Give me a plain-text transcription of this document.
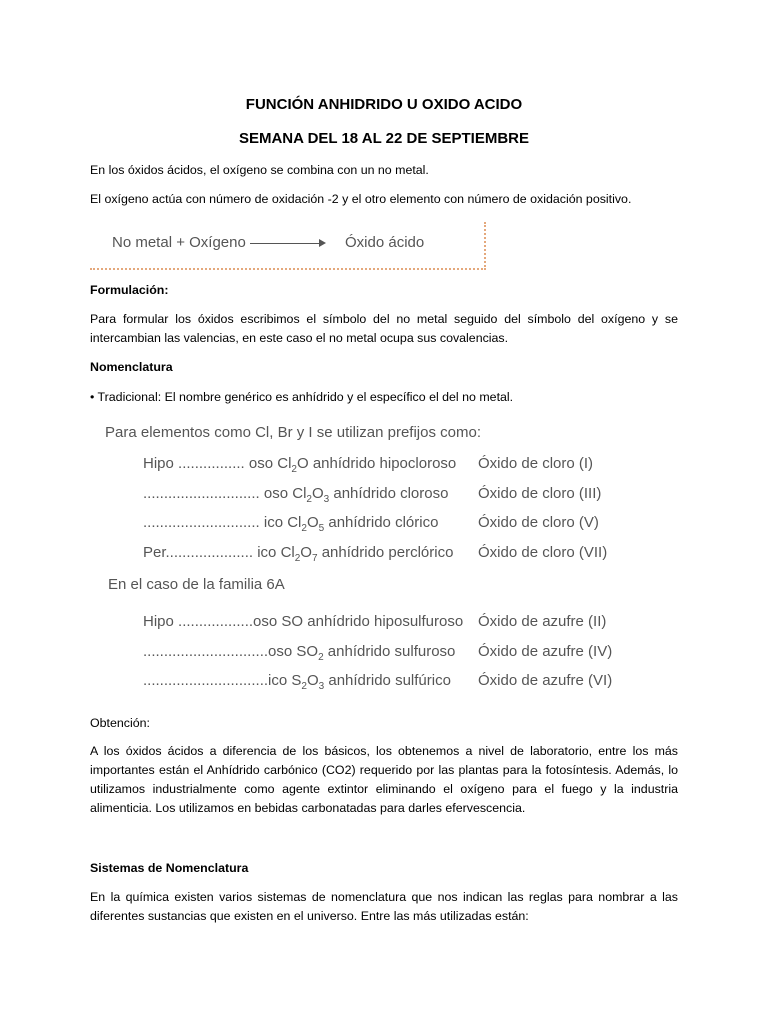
FUNCIÓN ANHIDRIDO U OXIDO ACIDO
SEMANA DEL 18 AL 22 DE SEPTIEMBRE
En los óxidos ácidos, el oxígeno se combina con un no metal.
El oxígeno actúa con número de oxidación -2 y el otro elemento con número de oxidación positivo.
No metal + Oxígeno	Óxido ácido
Formulación:
Para formular los óxidos escribimos el símbolo del no metal seguido del símbolo del oxígeno y se intercambian las valencias, en este caso el no metal ocupa sus covalencias.
Nomenclatura
• Tradicional: El nombre genérico es anhídrido y el específico el del no metal.
Para elementos como Cl, Br y I se utilizan prefijos como:
Hipo ................ oso $Cl_2O$ anhídrido hipocloroso Óxido de cloro (I)
............................ oso $Cl_2O_3$ anhídrido cloroso Óxido de cloro (III)
............................ ico $Cl_2O_5$ anhídrido clórico	Óxido de cloro (V)
Per..................... ico $Cl_2O_7$ anhídrido perclórico Óxido de cloro (VII)
En el caso de la familia 6A
Hipo ..................oso SO anhídrido hiposulfuroso Óxido de azufre (II)
..............................oso $SO_2$ anhídrido sulfuroso Óxido de azufre (IV)
..............................ico $S_2O_3$ anhídrido sulfúrico Óxido de azufre (VI)
Obtención:
A los óxidos ácidos a diferencia de los básicos, los obtenemos a nivel de laboratorio, entre los más importantes están el Anhídrido carbónico (CO2) requerido por las plantas para la fotosíntesis. Además, lo utilizamos industrialmente como agente extintor eliminando el oxígeno para el fuego y la industria alimenticia. Los utilizamos en bebidas carbonatadas para darles efervescencia.
Sistemas de Nomenclatura
En la química existen varios sistemas de nomenclatura que nos indican las reglas para nombrar a las diferentes sustancias que existen en el universo. Entre las más utilizadas están:
